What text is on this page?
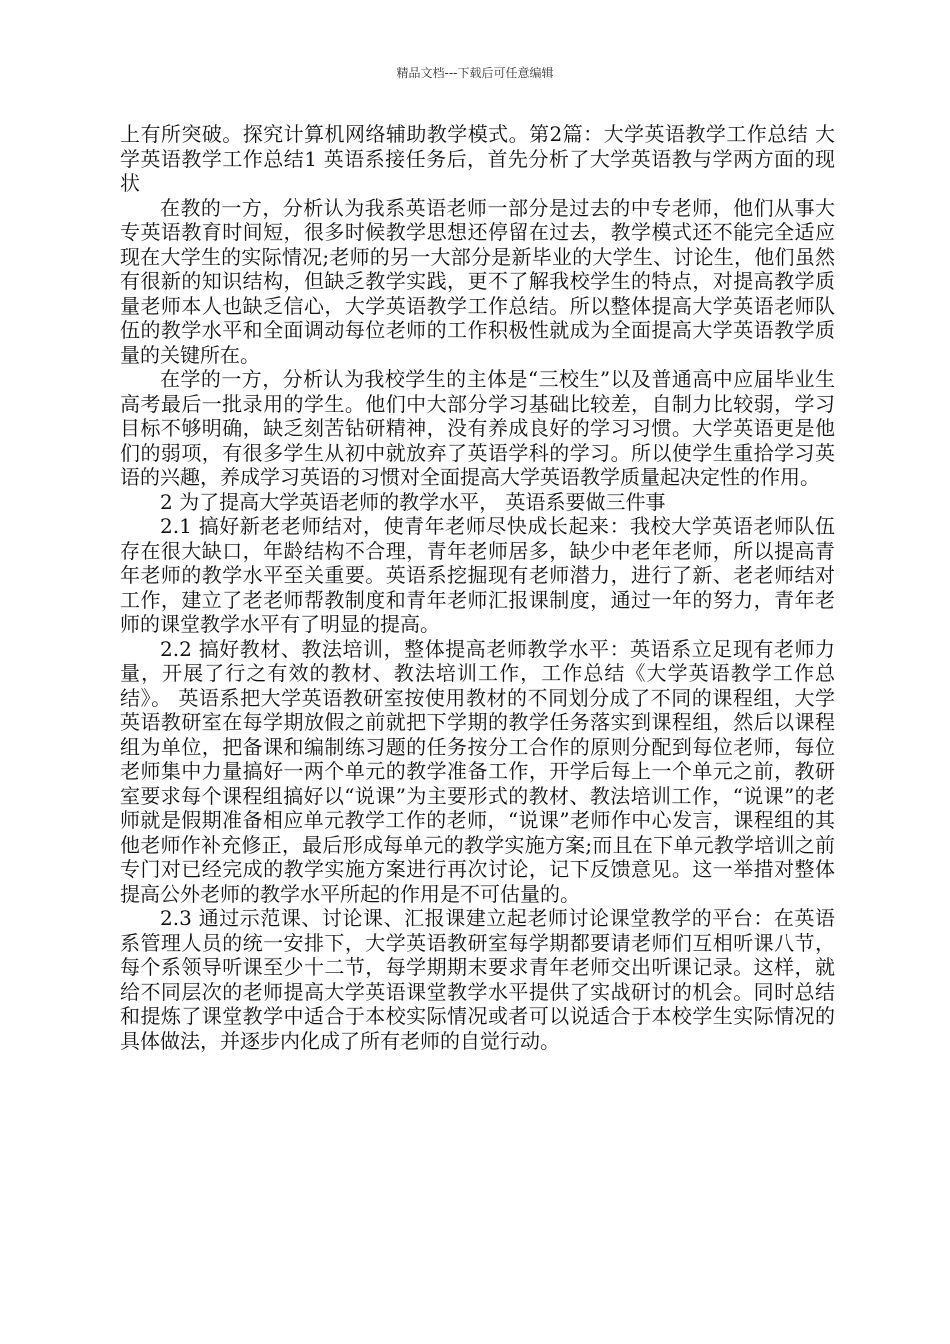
精品文档---下载后可任意编辑

上有所突破。探究计算机网络辅助教学模式。第2篇：大学英语教学工作总结 大学英语教学工作总结1 英语系接任务后，首先分析了大学英语教与学两方面的现状

在教的一方，分析认为我系英语老师一部分是过去的中专老师，他们从事大专英语教育时间短，很多时候教学思想还停留在过去，教学模式还不能完全适应现在大学生的实际情况;老师的另一大部分是新毕业的大学生、讨论生，他们虽然有很新的知识结构，但缺乏教学实践，更不了解我校学生的特点，对提高教学质量老师本人也缺乏信心，大学英语教学工作总结。所以整体提高大学英语老师队伍的教学水平和全面调动每位老师的工作积极性就成为全面提高大学英语教学质量的关键所在。

在学的一方，分析认为我校学生的主体是“三校生”以及普通高中应届毕业生高考最后一批录用的学生。他们中大部分学习基础比较差，自制力比较弱，学习目标不够明确，缺乏刻苦钻研精神，没有养成良好的学习习惯。大学英语更是他们的弱项，有很多学生从初中就放弃了英语学科的学习。所以使学生重拾学习英语的兴趣，养成学习英语的习惯对全面提高大学英语教学质量起决定性的作用。

2 为了提高大学英语老师的教学水平， 英语系要做三件事

2.1 搞好新老老师结对，使青年老师尽快成长起来：我校大学英语老师队伍存在很大缺口，年龄结构不合理，青年老师居多，缺少中老年老师，所以提高青年老师的教学水平至关重要。英语系挖掘现有老师潜力，进行了新、老老师结对工作，建立了老老师帮教制度和青年老师汇报课制度，通过一年的努力，青年老师的课堂教学水平有了明显的提高。

2.2 搞好教材、教法培训，整体提高老师教学水平：英语系立足现有老师力量，开展了行之有效的教材、教法培训工作，工作总结《大学英语教学工作总结》。 英语系把大学英语教研室按使用教材的不同划分成了不同的课程组，大学英语教研室在每学期放假之前就把下学期的教学任务落实到课程组，然后以课程组为单位，把备课和编制练习题的任务按分工合作的原则分配到每位老师，每位老师集中力量搞好一两个单元的教学准备工作，开学后每上一个单元之前，教研室要求每个课程组搞好以“说课”为主要形式的教材、教法培训工作，“说课”的老师就是假期准备相应单元教学工作的老师，“说课”老师作中心发言，课程组的其他老师作补充修正，最后形成每单元的教学实施方案;而且在下单元教学培训之前专门对已经完成的教学实施方案进行再次讨论，记下反馈意见。这一举措对整体提高公外老师的教学水平所起的作用是不可估量的。

2.3 通过示范课、讨论课、汇报课建立起老师讨论课堂教学的平台：在英语系管理人员的统一安排下，大学英语教研室每学期都要请老师们互相听课八节，每个系领导听课至少十二节，每学期期末要求青年老师交出听课记录。这样，就给不同层次的老师提高大学英语课堂教学水平提供了实战研讨的机会。同时总结和提炼了课堂教学中适合于本校实际情况或者可以说适合于本校学生实际情况的具体做法，并逐步内化成了所有老师的自觉行动。
